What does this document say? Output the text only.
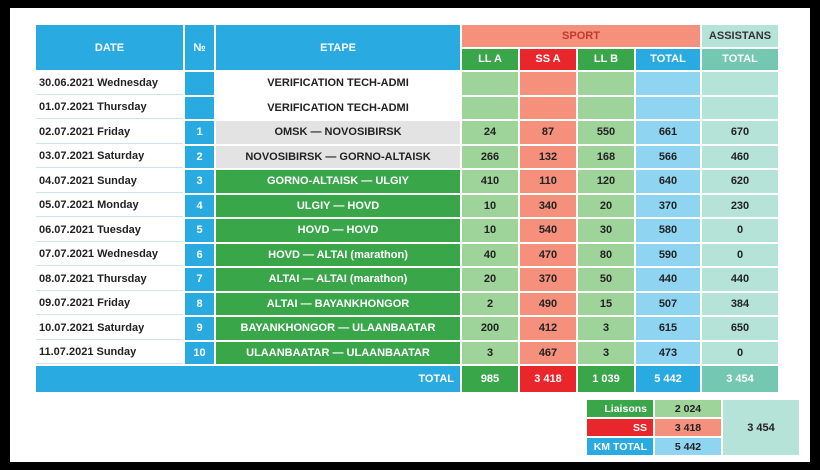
DATE	№	ETAPE	SPORT				ASSISTANS
			LL A	SS A	LL B	TOTAL	TOTAL
30.06.2021 Wednesday		VERIFICATION TECH-ADMI					
01.07.2021 Thursday		VERIFICATION TECH-ADMI					
02.07.2021 Friday	1	OMSK — NOVOSIBIRSK	24	87	550	661	670
03.07.2021 Saturday	2	NOVOSIBIRSK — GORNO-ALTAISK	266	132	168	566	460
04.07.2021 Sunday	3	GORNO-ALTAISK — ULGIY	410	110	120	640	620
05.07.2021 Monday	4	ULGIY — HOVD	10	340	20	370	230
06.07.2021 Tuesday	5	HOVD — HOVD	10	540	30	580	0
07.07.2021 Wednesday	6	HOVD — ALTAI (marathon)	40	470	80	590	0
08.07.2021 Thursday	7	ALTAI — ALTAI (marathon)	20	370	50	440	440
09.07.2021 Friday	8	ALTAI — BAYANKHONGOR	2	490	15	507	384
10.07.2021 Saturday	9	BAYANKHONGOR — ULAANBAATAR	200	412	3	615	650
11.07.2021 Sunday	10	ULAANBAATAR — ULAANBAATAR	3	467	3	473	0
TOTAL			985	3 418	1 039	5 442	3 454
Liaisons	2 024	3 454
SS	3 418	
KM TOTAL	5 442	
